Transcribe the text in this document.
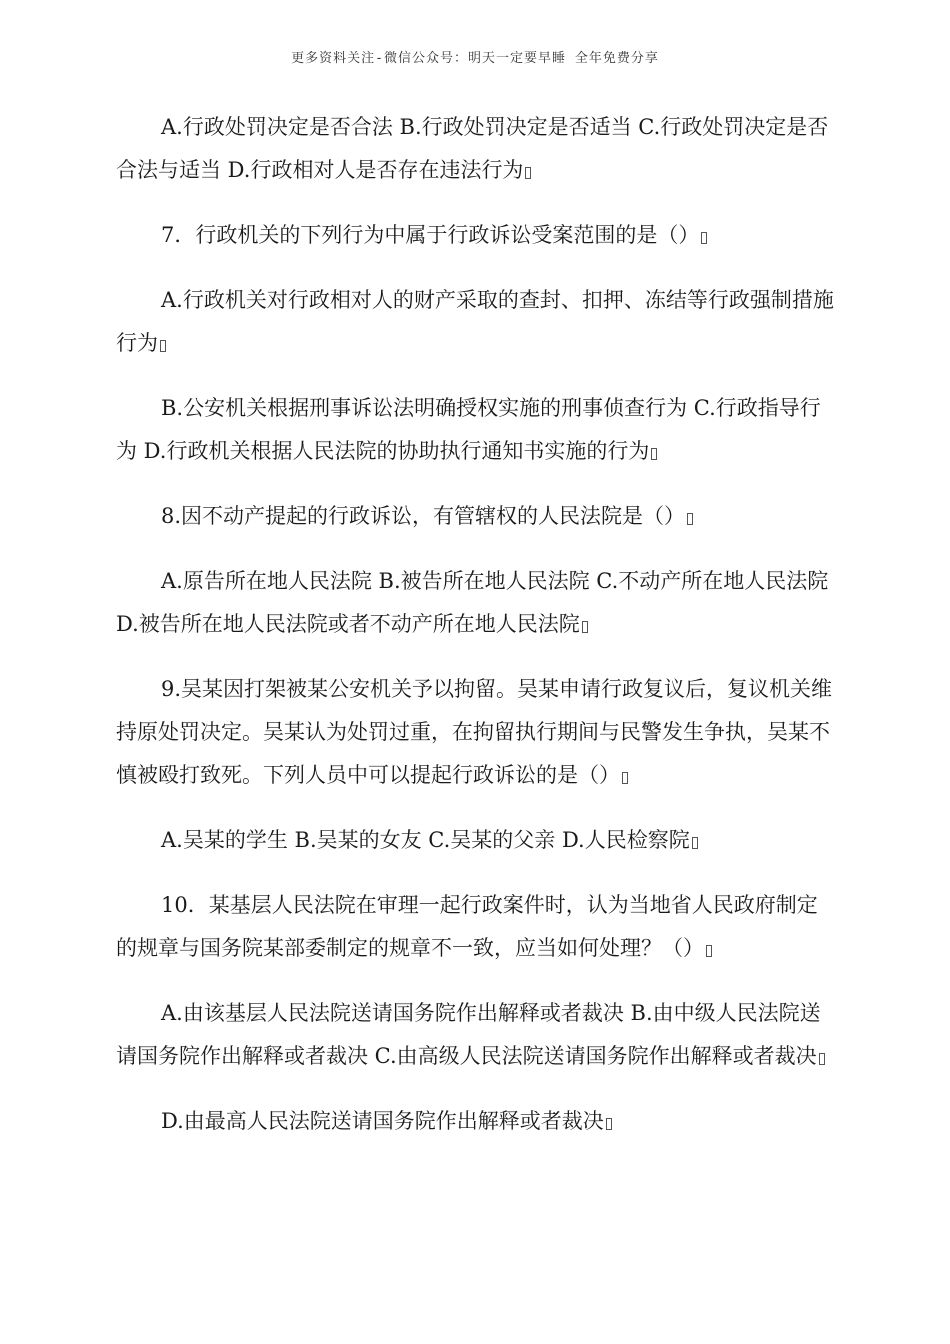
更多资料关注-微信公众号：明天一定要早睡 全年免费分享

A.行政处罚决定是否合法 B.行政处罚决定是否适当 C.行政处罚决定是否合法与适当 D.行政相对人是否存在违法行为

7．行政机关的下列行为中属于行政诉讼受案范围的是（）

A.行政机关对行政相对人的财产采取的查封、扣押、冻结等行政强制措施行为

B.公安机关根据刑事诉讼法明确授权实施的刑事侦查行为 C.行政指导行为 D.行政机关根据人民法院的协助执行通知书实施的行为

8.因不动产提起的行政诉讼，有管辖权的人民法院是（）

A.原告所在地人民法院 B.被告所在地人民法院 C.不动产所在地人民法院 D.被告所在地人民法院或者不动产所在地人民法院

9.吴某因打架被某公安机关予以拘留。吴某申请行政复议后，复议机关维持原处罚决定。吴某认为处罚过重，在拘留执行期间与民警发生争执，吴某不慎被殴打致死。下列人员中可以提起行政诉讼的是（）

A.吴某的学生 B.吴某的女友 C.吴某的父亲 D.人民检察院

10．某基层人民法院在审理一起行政案件时，认为当地省人民政府制定的规章与国务院某部委制定的规章不一致，应当如何处理？（）

A.由该基层人民法院送请国务院作出解释或者裁决 B.由中级人民法院送请国务院作出解释或者裁决 C.由高级人民法院送请国务院作出解释或者裁决

D.由最高人民法院送请国务院作出解释或者裁决
